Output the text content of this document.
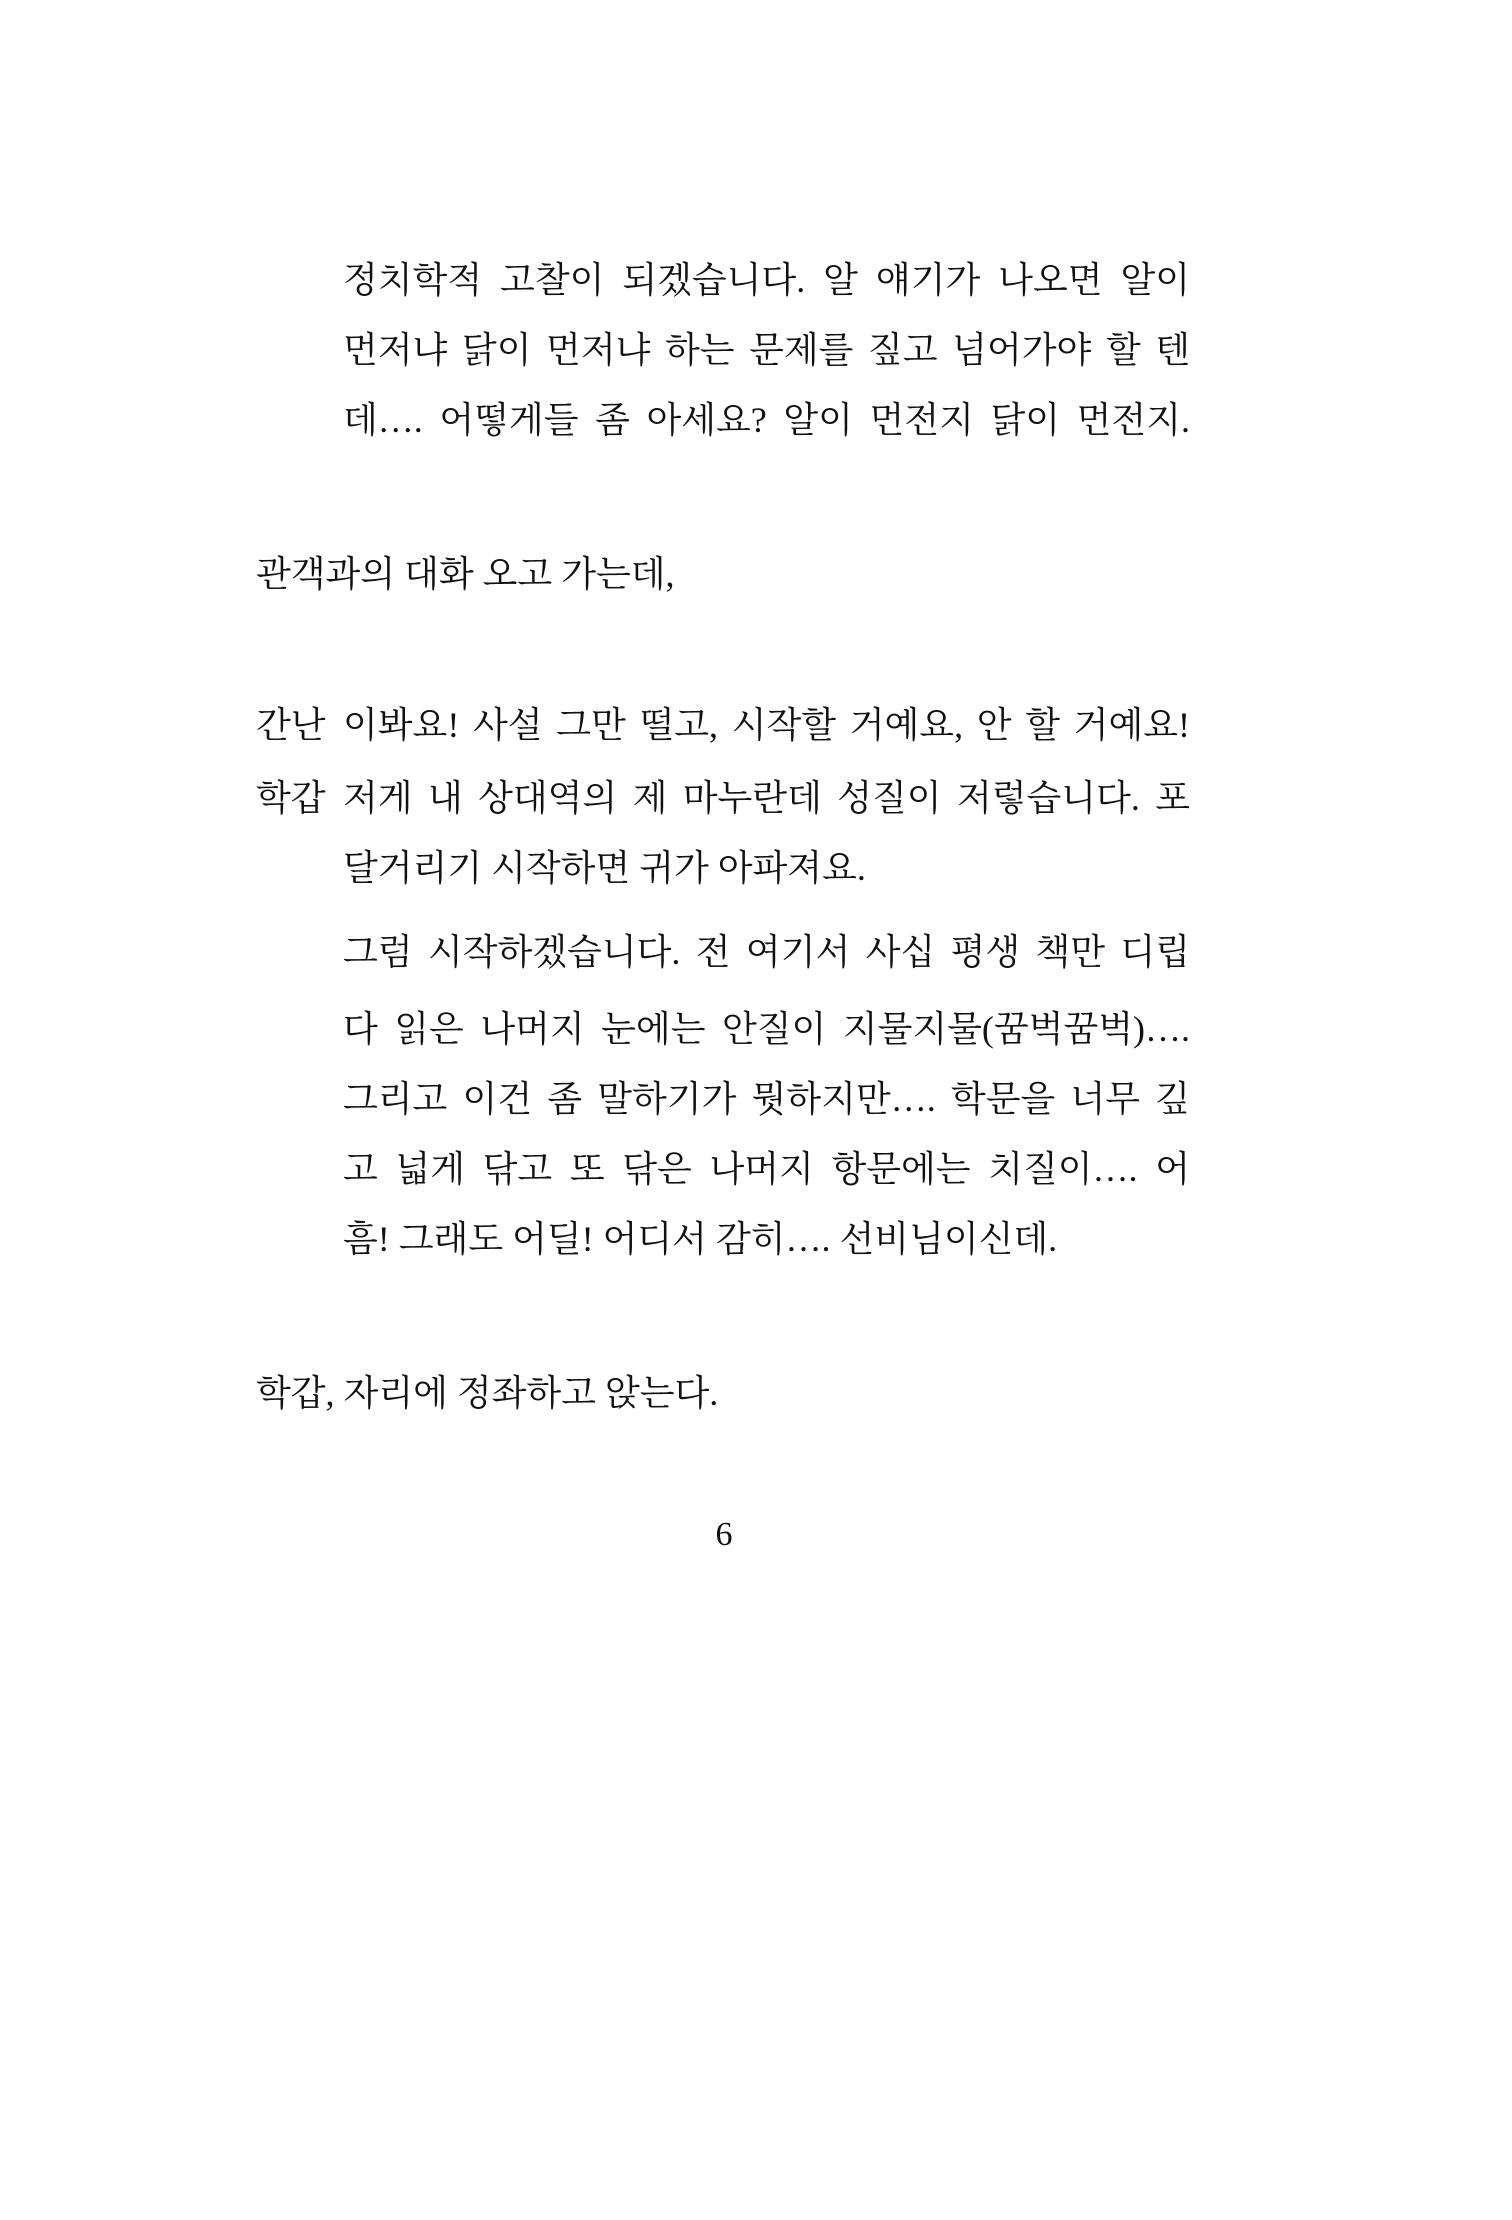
정치학적 고찰이 되겠습니다. 알 얘기가 나오면 알이
먼저냐 닭이 먼저냐 하는 문제를 짚고 넘어가야 할 텐
데…. 어떻게들 좀 아세요? 알이 먼전지 닭이 먼전지.
관객과의 대화 오고 가는데,
간난 이봐요! 사설 그만 떨고, 시작할 거예요, 안 할 거예요!
학갑 저게 내 상대역의 제 마누란데 성질이 저렇습니다. 포
달거리기 시작하면 귀가 아파져요.
그럼 시작하겠습니다. 전 여기서 사십 평생 책만 디립
다 읽은 나머지 눈에는 안질이 지물지물(꿈벅꿈벅)….
그리고 이건 좀 말하기가 뭣하지만…. 학문을 너무 깊
고 넓게 닦고 또 닦은 나머지 항문에는 치질이…. 어
흠! 그래도 어딜! 어디서 감히…. 선비님이신데.
학갑, 자리에 정좌하고 앉는다.
6
